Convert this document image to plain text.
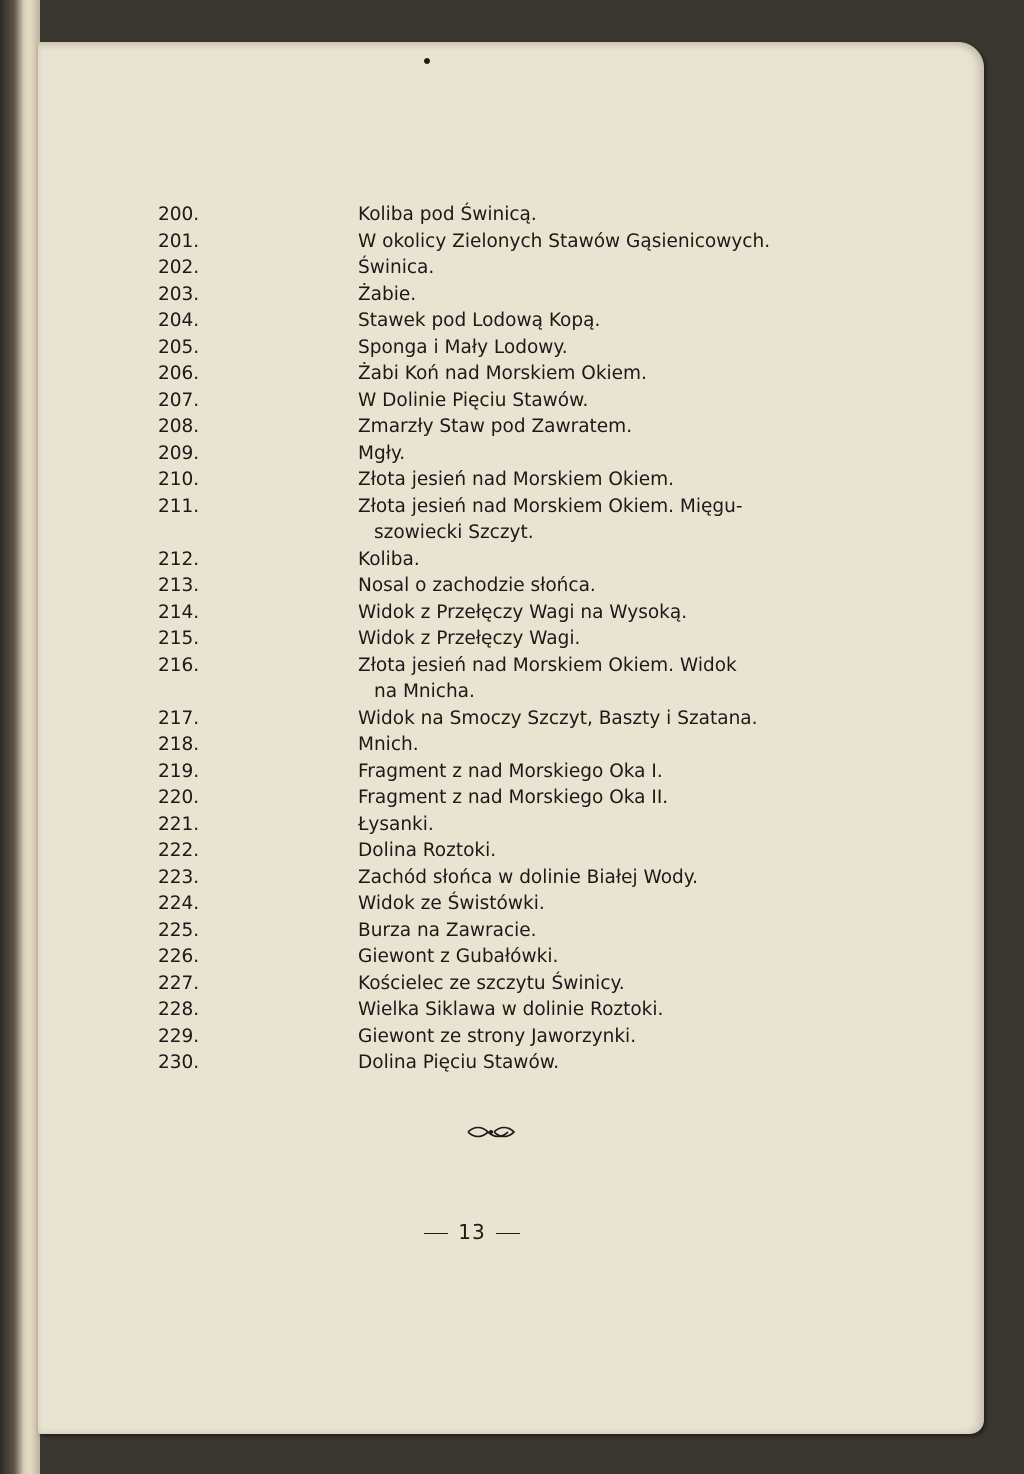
200.	Koliba pod Świnicą.
201.	W okolicy Zielonych Stawów Gąsienicowych.
202.	Świnica.
203.	Żabie.
204.	Stawek pod Lodową Kopą.
205.	Sponga i Mały Lodowy.
206.	Żabi Koń nad Morskiem Okiem.
207.	W Dolinie Pięciu Stawów.
208.	Zmarzły Staw pod Zawratem.
209.	Mgły.
210.	Złota jesień nad Morskiem Okiem.
211.	Złota jesień nad Morskiem Okiem. Mięgu-
szowiecki Szczyt.
212.	Koliba.
213.	Nosal o zachodzie słońca.
214.	Widok z Przełęczy Wagi na Wysoką.
215.	Widok z Przełęczy Wagi.
216.	Złota jesień nad Morskiem Okiem. Widok
na Mnicha.
217.	Widok na Smoczy Szczyt, Baszty i Szatana.
218.	Mnich.
219.	Fragment z nad Morskiego Oka I.
220.	Fragment z nad Morskiego Oka II.
221.	Łysanki.
222.	Dolina Roztoki.
223.	Zachód słońca w dolinie Białej Wody.
224.	Widok ze Świstówki.
225.	Burza na Zawracie.
226.	Giewont z Gubałówki.
227.	Kościelec ze szczytu Świnicy.
228.	Wielka Siklawa w dolinie Roztoki.
229.	Giewont ze strony Jaworzynki.
230.	Dolina Pięciu Stawów.
13
